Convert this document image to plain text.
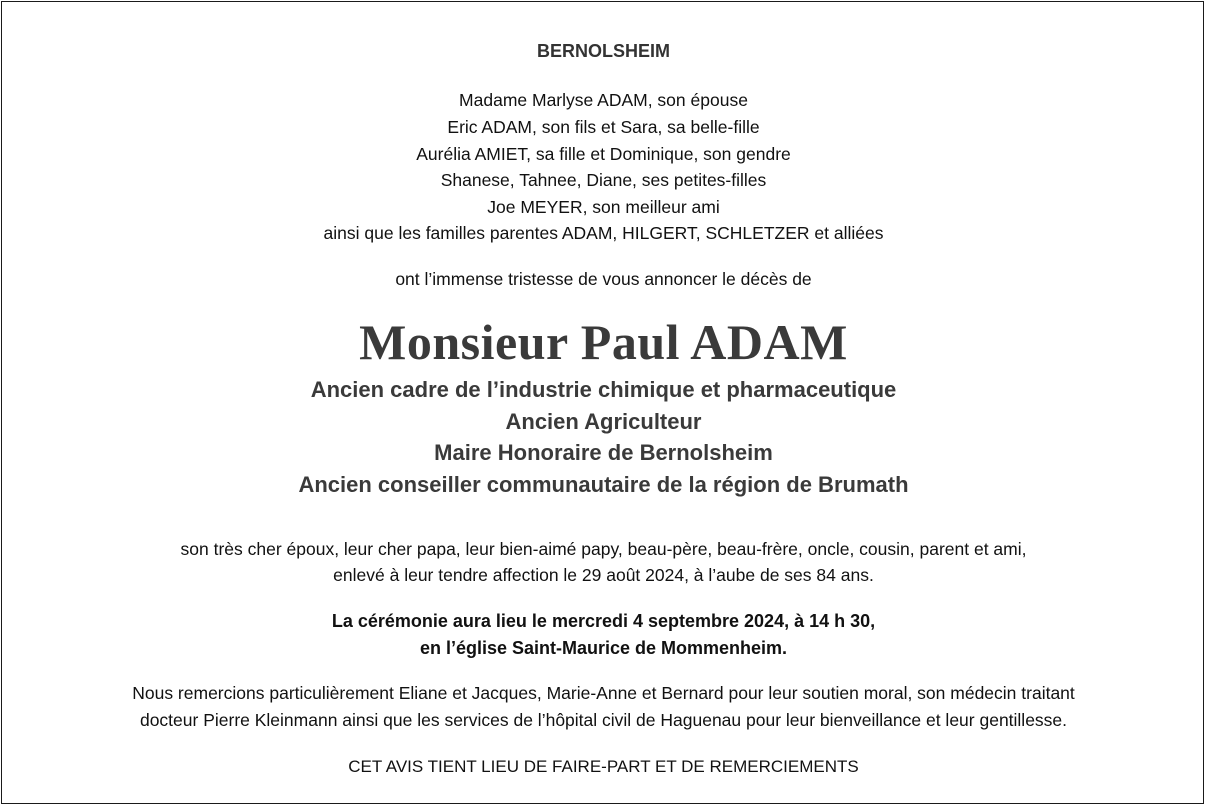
BERNOLSHEIM
Madame Marlyse ADAM, son épouse
Eric ADAM, son fils et Sara, sa belle-fille
Aurélia AMIET, sa fille et Dominique, son gendre
Shanese, Tahnee, Diane, ses petites-filles
Joe MEYER, son meilleur ami
ainsi que les familles parentes ADAM, HILGERT, SCHLETZER et alliées
ont l’immense tristesse de vous annoncer le décès de
Monsieur Paul ADAM
Ancien cadre de l’industrie chimique et pharmaceutique
Ancien Agriculteur
Maire Honoraire de Bernolsheim
Ancien conseiller communautaire de la région de Brumath
son très cher époux, leur cher papa, leur bien-aimé papy, beau-père, beau-frère, oncle, cousin, parent et ami,
enlevé à leur tendre affection le 29 août 2024, à l’aube de ses 84 ans.
La cérémonie aura lieu le mercredi 4 septembre 2024, à 14 h 30,
en l’église Saint-Maurice de Mommenheim.
Nous remercions particulièrement Eliane et Jacques, Marie-Anne et Bernard pour leur soutien moral, son médecin traitant
docteur Pierre Kleinmann ainsi que les services de l’hôpital civil de Haguenau pour leur bienveillance et leur gentillesse.
CET AVIS TIENT LIEU DE FAIRE-PART ET DE REMERCIEMENTS
